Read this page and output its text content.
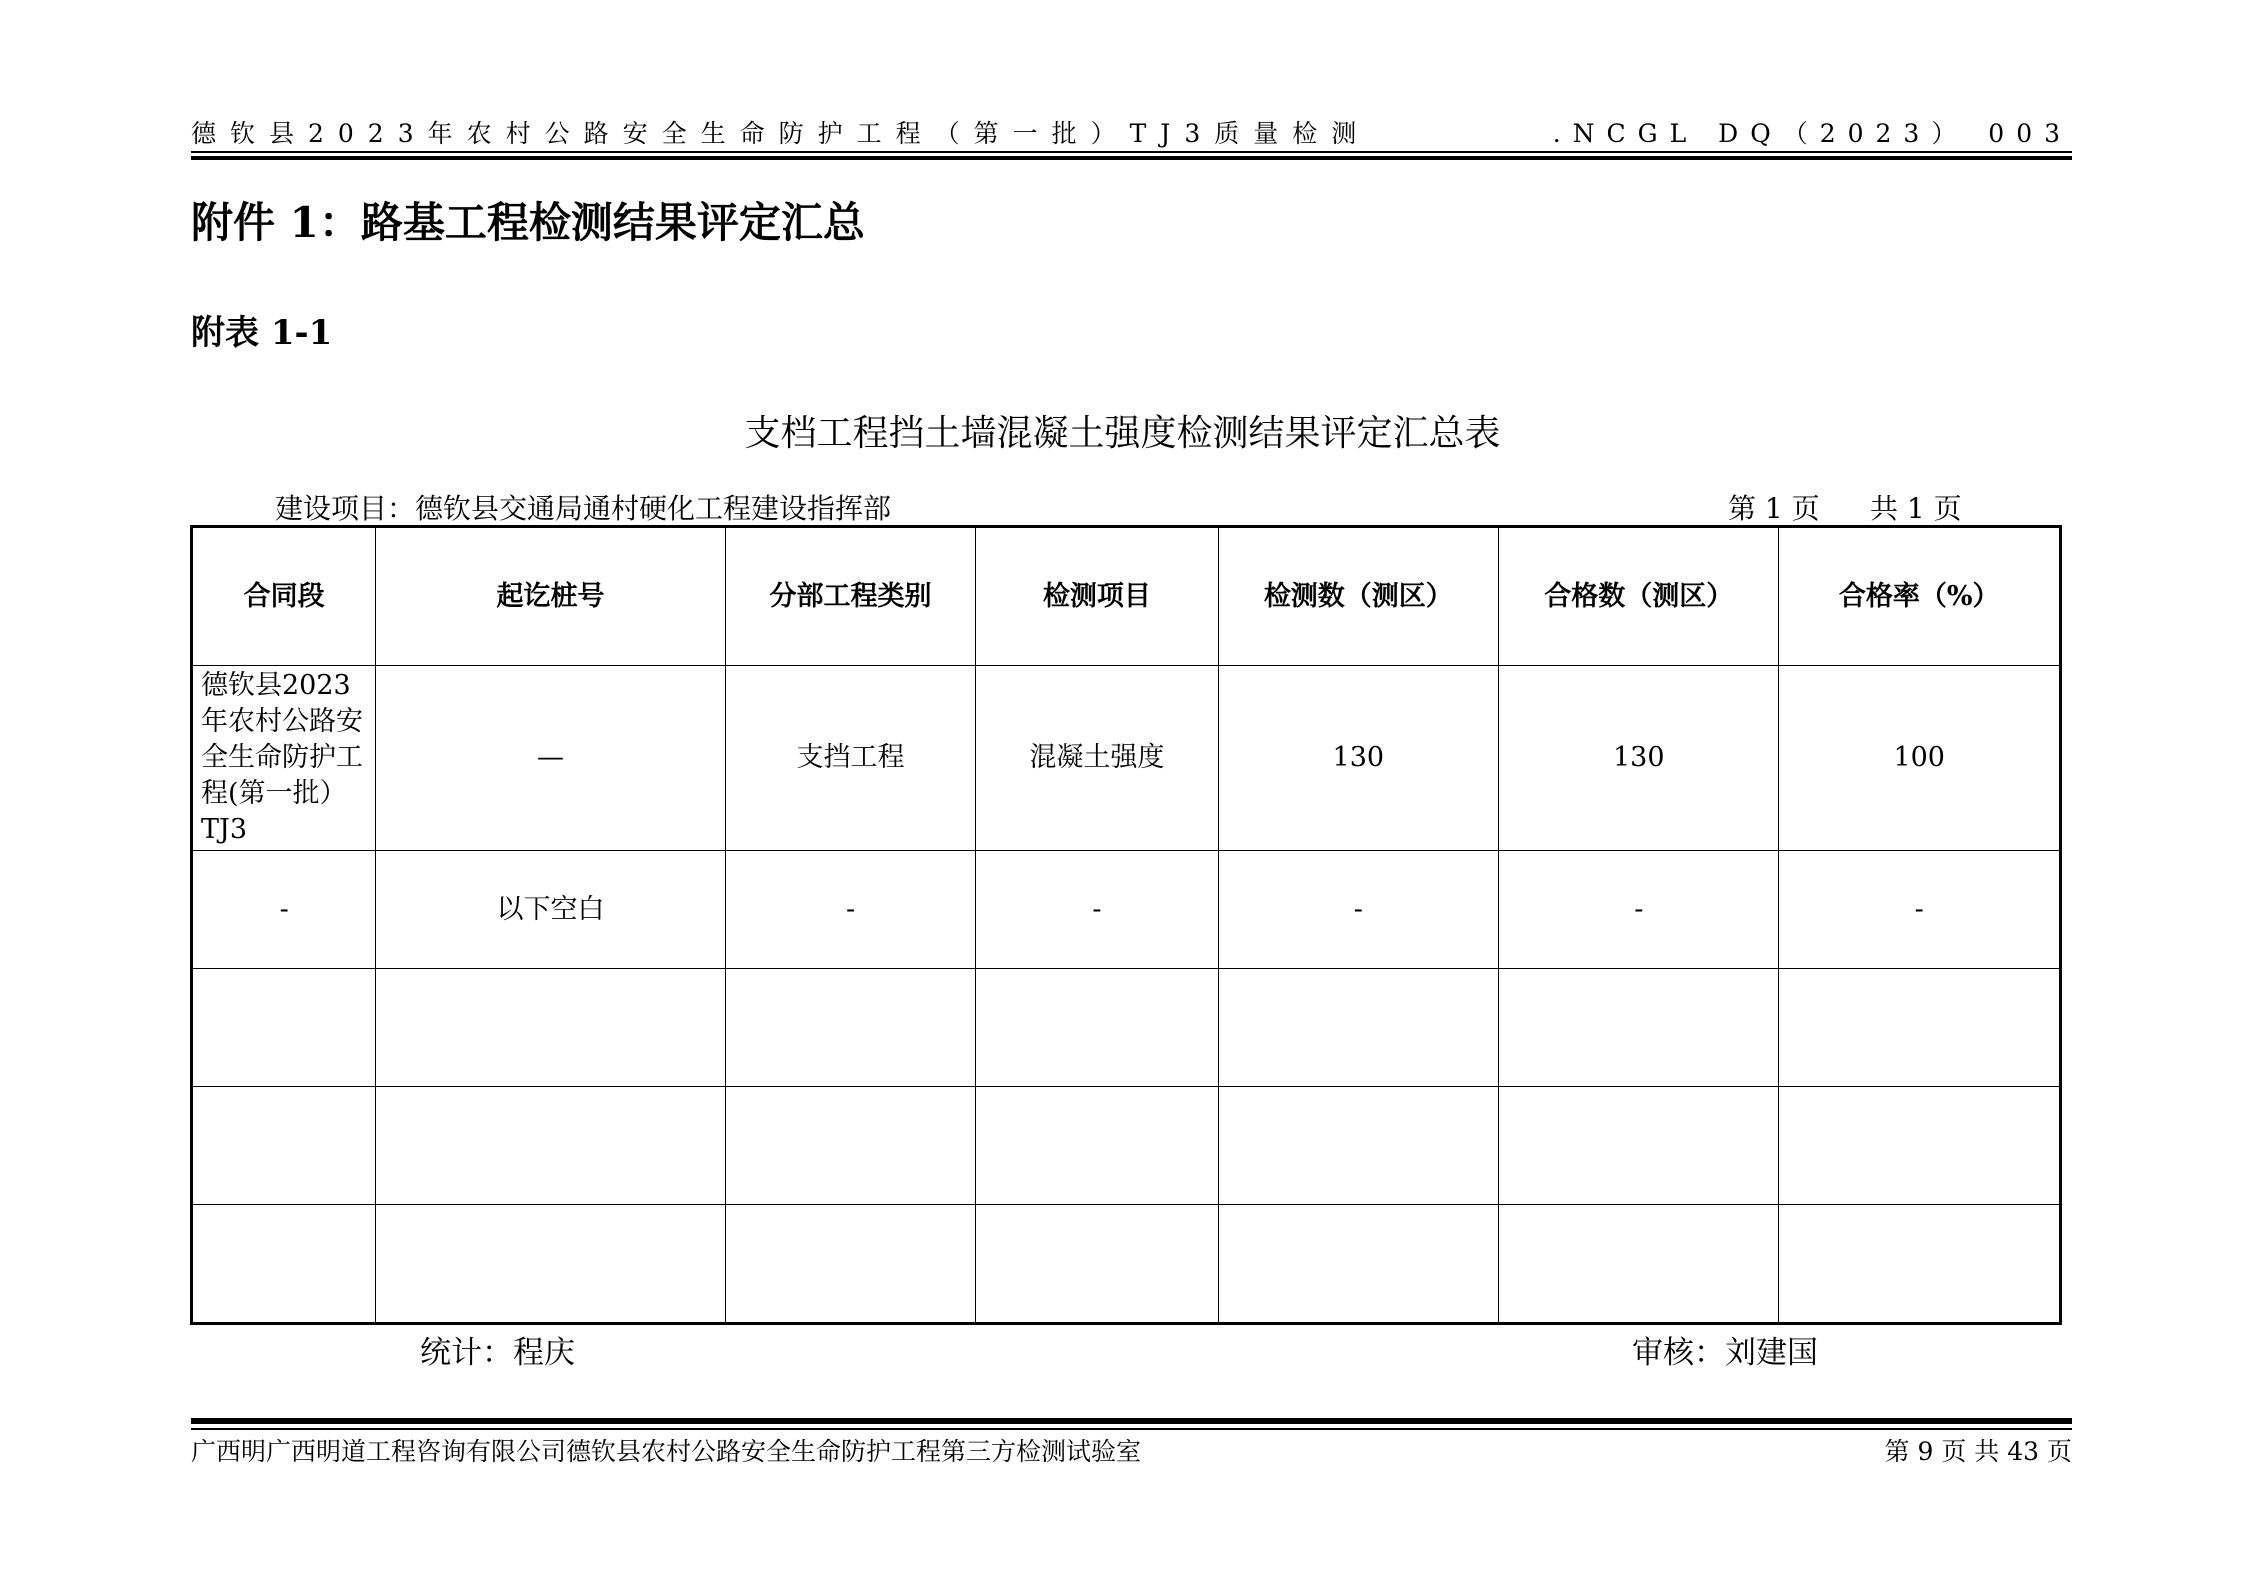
德钦县2023年农村公路安全生命防护工程（第一批）TJ3质量检测	.NCGL DQ（2023） 003
附件 1：路基工程检测结果评定汇总
附表 1-1
支档工程挡土墙混凝土强度检测结果评定汇总表
建设项目：德钦县交通局通村硬化工程建设指挥部	第 1 页 共 1 页
合同段	起讫桩号	分部工程类别	检测项目	检测数（测区）	合格数（测区）	合格率（%）

德钦县2023年农村公路安全生命防护工程(第一批）TJ3	—	支挡工程	混凝土强度	130	130	100
-	以下空白	-	-	-	-	-

统计：程庆	审核：刘建国
广西明广西明道工程咨询有限公司德钦县农村公路安全生命防护工程第三方检测试验室	第 9 页 共 43 页
